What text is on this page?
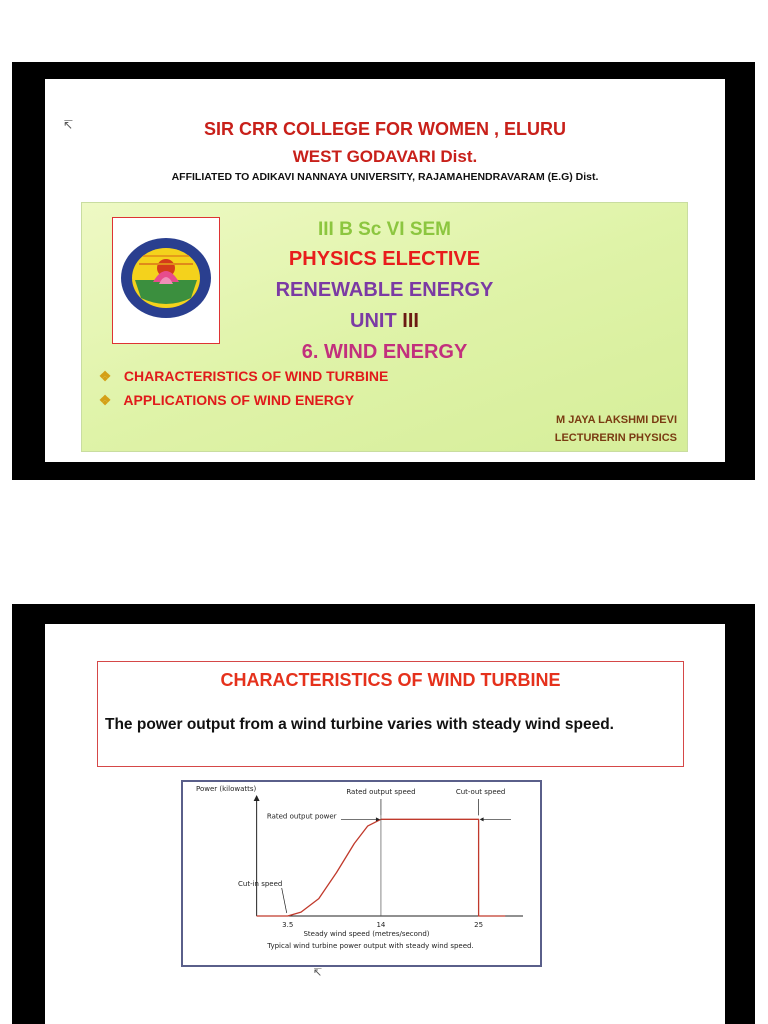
↸	SIR CRR COLLEGE FOR WOMEN , ELURU
WEST GODAVARI Dist.
AFFILIATED TO ADIKAVI NANNAYA UNIVERSITY, RAJAMAHENDRAVARAM (E.G) Dist.
III B Sc VI SEM
PHYSICS ELECTIVE
RENEWABLE ENERGY
UNIT III
6. WIND ENERGY
❖ CHARACTERISTICS OF WIND TURBINE
❖ APPLICATIONS OF WIND ENERGY
M JAYA LAKSHMI DEVI
LECTURERIN PHYSICS
CHARACTERISTICS OF WIND TURBINE
The power output from a wind turbine varies with steady wind speed.
3.5	14	25
Power (kilowatts)	Rated output speed	Cut-out speed
Rated output power
Cut-in speed
Steady wind speed (metres/second)
Typical wind turbine power output with steady wind speed.
↸
